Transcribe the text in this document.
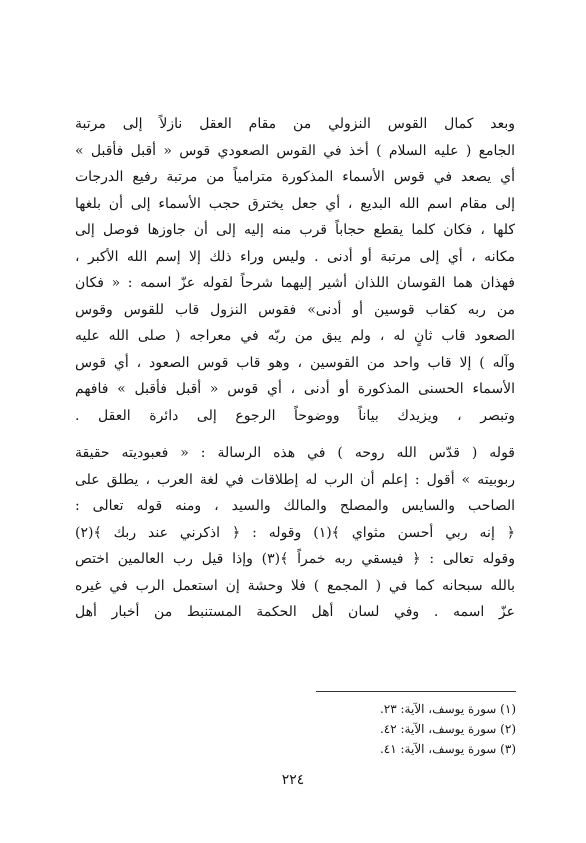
وبعد كمال القوس النزولي من مقام العقل نازلاً إلى مرتبة
الجامع ( عليه السلام ) أخذ في القوس الصعودي قوس « أقبل فأقبل »
أي يصعد في قوس الأسماء المذكورة مترامياً من مرتبة رفيع الدرجات
إلى مقام اسم الله البديع ، أي جعل يخترق حجب الأسماء إلى أن بلغها
كلها ، فكان كلما يقطع حجاباً قرب منه إليه إلى أن جاوزها فوصل إلى
مكانه ، أي إلى مرتبة أو أدنى . وليس وراء ذلك إلا إسم الله الأكبر ،
فهذان هما القوسان اللذان أشير إليهما شرحاً لقوله عزّ اسمه : « فكان
من ربه كقاب قوسين أو أدنى» فقوس النزول قاب للقوس وقوس
الصعود قاب ثانٍ له ، ولم يبق من ربّه في معراجه ( صلى الله عليه
وآله ) إلا قاب واحد من القوسين ، وهو قاب قوس الصعود ، أي قوس
الأسماء الحسنى المذكورة أو أدنى ، أي قوس « أقبل فأقبل » فافهم
وتبصر ، ويزيدك بياناً ووضوحاً الرجوع إلى دائرة العقل .
قوله ( قدّس الله روحه ) في هذه الرسالة : « فعبوديته حقيقة
ربوبيته » أقول : إعلم أن الرب له إطلاقات في لغة العرب ، يطلق على
الصاحب والسايس والمصلح والمالك والسيد ، ومنه قوله تعالى :
﴿ إنه ربي أحسن مثواي ﴾(١) وقوله : ﴿ اذكرني عند ربك ﴾(٢)
وقوله تعالى : ﴿ فيسقي ربه خمراً ﴾(٣) وإذا قيل رب العالمين اختص
بالله سبحانه كما في ( المجمع ) فلا وحشة إن استعمل الرب في غيره
عزّ اسمه . وفي لسان أهل الحكمة المستنبط من أخبار أهل
(١) سورة يوسف، الآية: ٢٣.
(٢) سورة يوسف، الآية: ٤٢.
(٣) سورة يوسف، الآية: ٤١.
٢٢٤
